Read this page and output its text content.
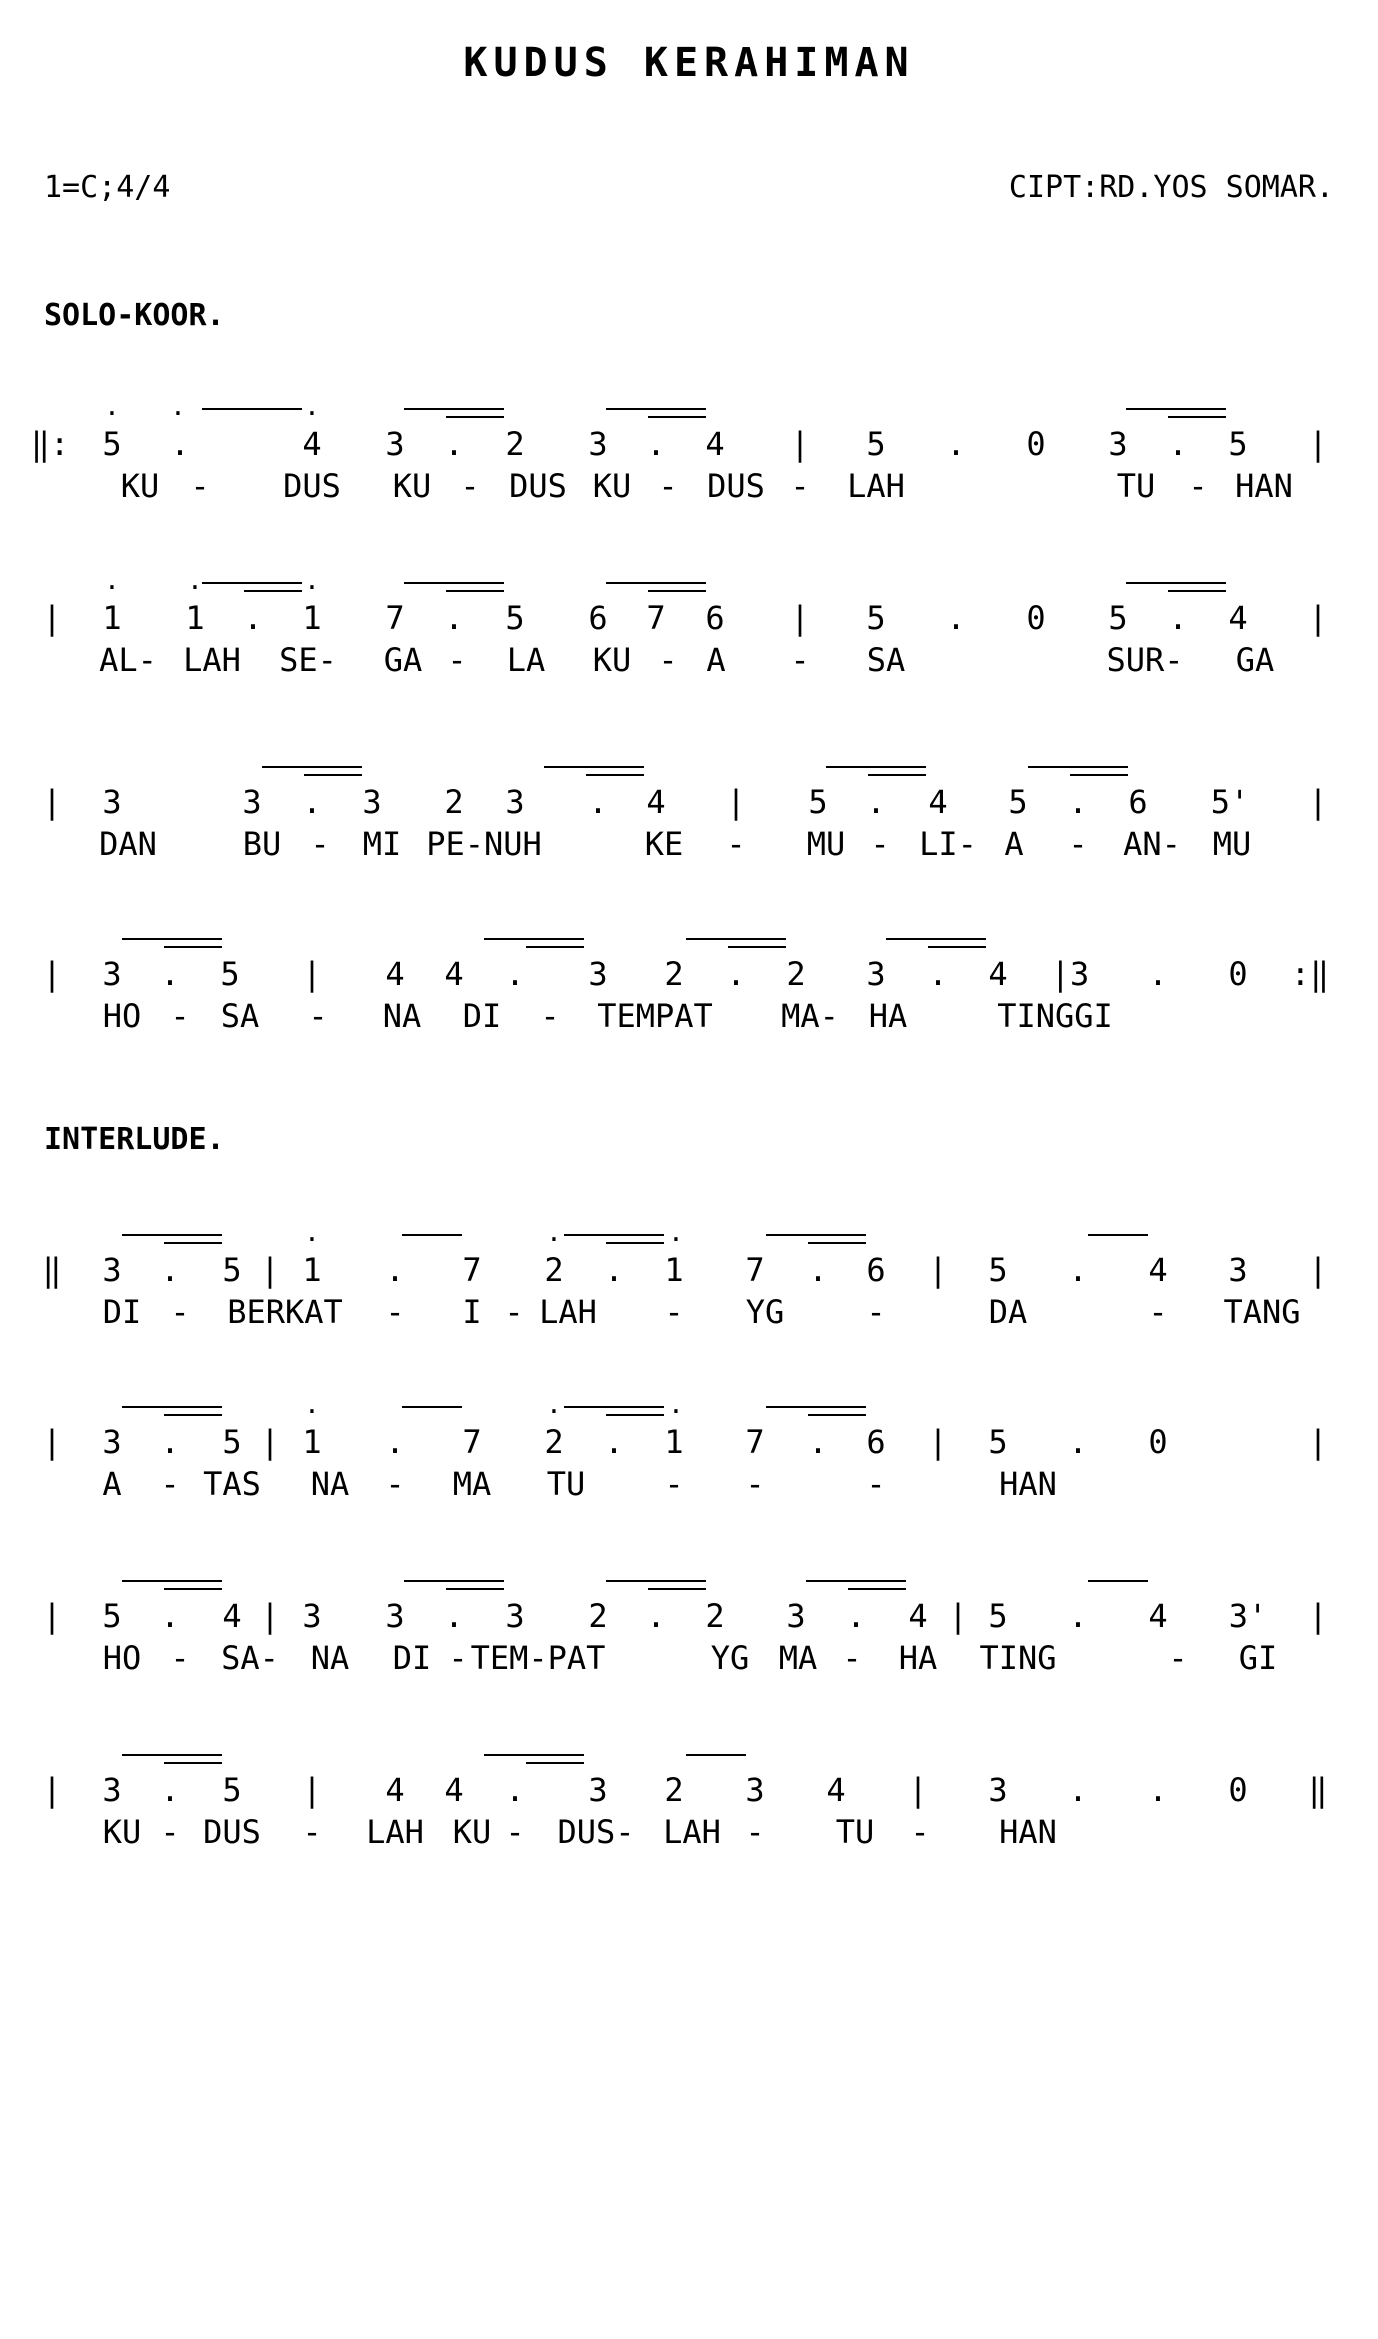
KUDUS KERAHIMAN
1=C;4/4	CIPT:RD.YOS SOMAR.
SOLO-KOOR.
. .	.
‖: 5 .	4 3 . 2 3 . 4 | 5 . 0 3 . 5 |
KU - DUS KU - DUS KU - DUS - LAH	TU - HAN
.	.	.
| 1 1 . 1 7 . 5 6 7 6 | 5 . 0 5 . 4 |
AL- LAH SE- GA - LA KU - A - SA	SUR- GA
| 3	3 . 3 2 3 . 4 | 5 . 4 5 . 6 5' |
DAN	BU - MI PE-NUH	KE - MU - LI- A - AN- MU
| 3 . 5 | 4 4 . 3 2 . 2 3 . 4 |3 . 0 :‖
HO - SA - NA DI - TEMPAT MA- HA	TINGGI
INTERLUDE.
.	.	.
‖ 3 . 5 | 1 . 7 2 . 1 7 . 6 | 5 . 4 3 |
DI - BERKAT - I - LAH - YG	-	DA	- TANG
.	.	.
| 3 . 5 | 1 . 7 2 . 1 7 . 6 | 5 . 0	|
A - TAS NA - MA TU - -	-	HAN
| 5 . 4 | 3 3 . 3 2 . 2 3 . 4 | 5 . 4 3' |
HO - SA- NA DI - TEM-PAT	YG MA - HA TING	- GI
| 3 . 5 | 4 4 . 3 2 3 4 | 3 . . 0 ‖
KU - DUS - LAH KU - DUS- LAH - TU - HAN
